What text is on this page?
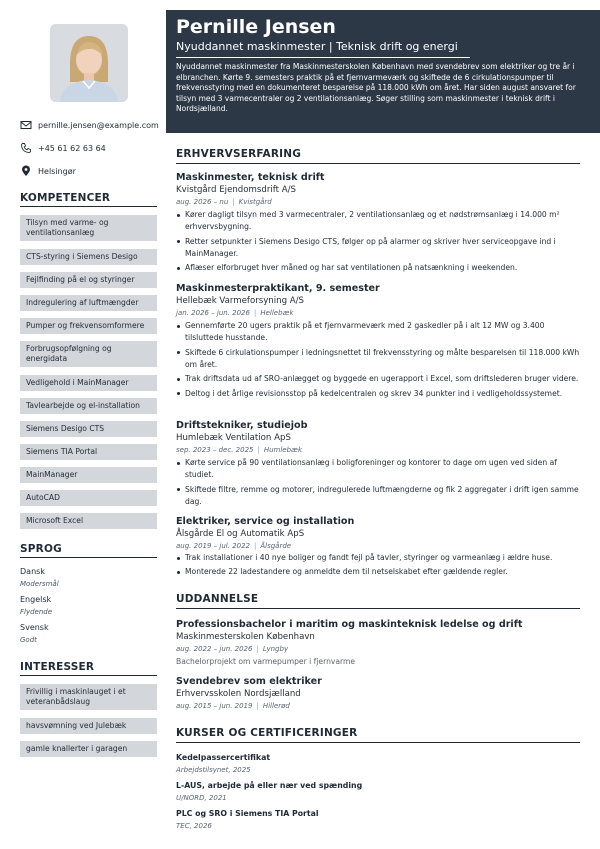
pernille.jensen@example.com
+45 61 62 63 64
Helsingør
KOMPETENCER
Tilsyn med varme- og ventilationsanlæg
CTS-styring i Siemens Desigo
Fejlfinding på el og styringer
Indregulering af luftmængder
Pumper og frekvensomformere
Forbrugsopfølgning og energidata
Vedligehold i MainManager
Tavlearbejde og el-installation
Siemens Desigo CTS
Siemens TIA Portal
MainManager
AutoCAD
Microsoft Excel
SPROG
Dansk
Modersmål
Engelsk
Flydende
Svensk
Godt
INTERESSER
Frivillig i maskinlauget i et veteranbådslaug
havsvømning ved Julebæk
gamle knallerter i garagen
Pernille Jensen
Nyuddannet maskinmester | Teknisk drift og energi
Nyuddannet maskinmester fra Maskinmesterskolen København med svendebrev som elektriker og tre år i elbranchen. Kørte 9. semesters praktik på et fjernvarmeværk og skiftede de 6 cirkulationspumper til frekvensstyring med en dokumenteret besparelse på 118.000 kWh om året. Har siden august ansvaret for tilsyn med 3 varmecentraler og 2 ventilationsanlæg. Søger stilling som maskinmester i teknisk drift i Nordsjælland.
ERHVERVSERFARING
Maskinmester, teknisk drift
Kvistgård Ejendomsdrift A/S
aug. 2026 – nu | Kvistgård
Kører dagligt tilsyn med 3 varmecentraler, 2 ventilationsanlæg og et nødstrømsanlæg i 14.000 m² erhvervsbygning.
Retter setpunkter i Siemens Desigo CTS, følger op på alarmer og skriver hver serviceopgave ind i MainManager.
Aflæser elforbruget hver måned og har sat ventilationen på natsænkning i weekenden.
Maskinmesterpraktikant, 9. semester
Hellebæk Varmeforsyning A/S
jan. 2026 – jun. 2026 | Hellebæk
Gennemførte 20 ugers praktik på et fjernvarmeværk med 2 gaskedler på i alt 12 MW og 3.400 tilsluttede husstande.
Skiftede 6 cirkulationspumper i ledningsnettet til frekvensstyring og målte besparelsen til 118.000 kWh om året.
Trak driftsdata ud af SRO-anlægget og byggede en ugerapport i Excel, som driftslederen bruger videre.
Deltog i det årlige revisionsstop på kedelcentralen og skrev 34 punkter ind i vedligeholdssystemet.
Driftstekniker, studiejob
Humlebæk Ventilation ApS
sep. 2023 – dec. 2025 | Humlebæk
Kørte service på 90 ventilationsanlæg i boligforeninger og kontorer to dage om ugen ved siden af studiet.
Skiftede filtre, remme og motorer, indregulerede luftmængderne og fik 2 aggregater i drift igen samme dag.
Elektriker, service og installation
Ålsgårde El og Automatik ApS
aug. 2019 – jul. 2022 | Ålsgårde
Trak installationer i 40 nye boliger og fandt fejl på tavler, styringer og varmeanlæg i ældre huse.
Monterede 22 ladestandere og anmeldte dem til netselskabet efter gældende regler.
UDDANNELSE
Professionsbachelor i maritim og maskinteknisk ledelse og drift
Maskinmesterskolen København
aug. 2022 – jun. 2026 | Lyngby
Bachelorprojekt om varmepumper i fjernvarme
Svendebrev som elektriker
Erhvervsskolen Nordsjælland
aug. 2015 – jun. 2019 | Hillerød
KURSER OG CERTIFICERINGER
Kedelpassercertifikat
Arbejdstilsynet, 2025
L-AUS, arbejde på eller nær ved spænding
U/NORD, 2021
PLC og SRO i Siemens TIA Portal
TEC, 2026
